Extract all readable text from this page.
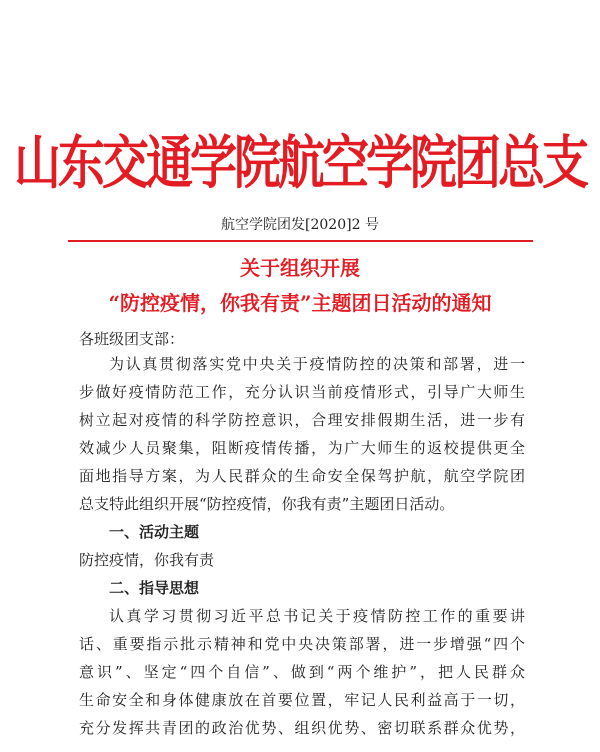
山东交通学院航空学院团总支
航空学院团发[2020]2 号
关于组织开展
“防控疫情，你我有责”主题团日活动的通知
各班级团支部：
为认真贯彻落实党中央关于疫情防控的决策和部署，进一
步做好疫情防范工作，充分认识当前疫情形式，引导广大师生
树立起对疫情的科学防控意识，合理安排假期生活，进一步有
效减少人员聚集，阻断疫情传播，为广大师生的返校提供更全
面地指导方案，为人民群众的生命安全保驾护航，航空学院团
总支特此组织开展“防控疫情，你我有责”主题团日活动。
一、活动主题
防控疫情，你我有责
二、指导思想
认真学习贯彻习近平总书记关于疫情防控工作的重要讲
话、重要指示批示精神和党中央决策部署，进一步增强“四个
意识”、坚定“四个自信”、做到“两个维护”，把人民群众
生命安全和身体健康放在首要位置，牢记人民利益高于一切，
充分发挥共青团的政治优势、组织优势、密切联系群众优势，
